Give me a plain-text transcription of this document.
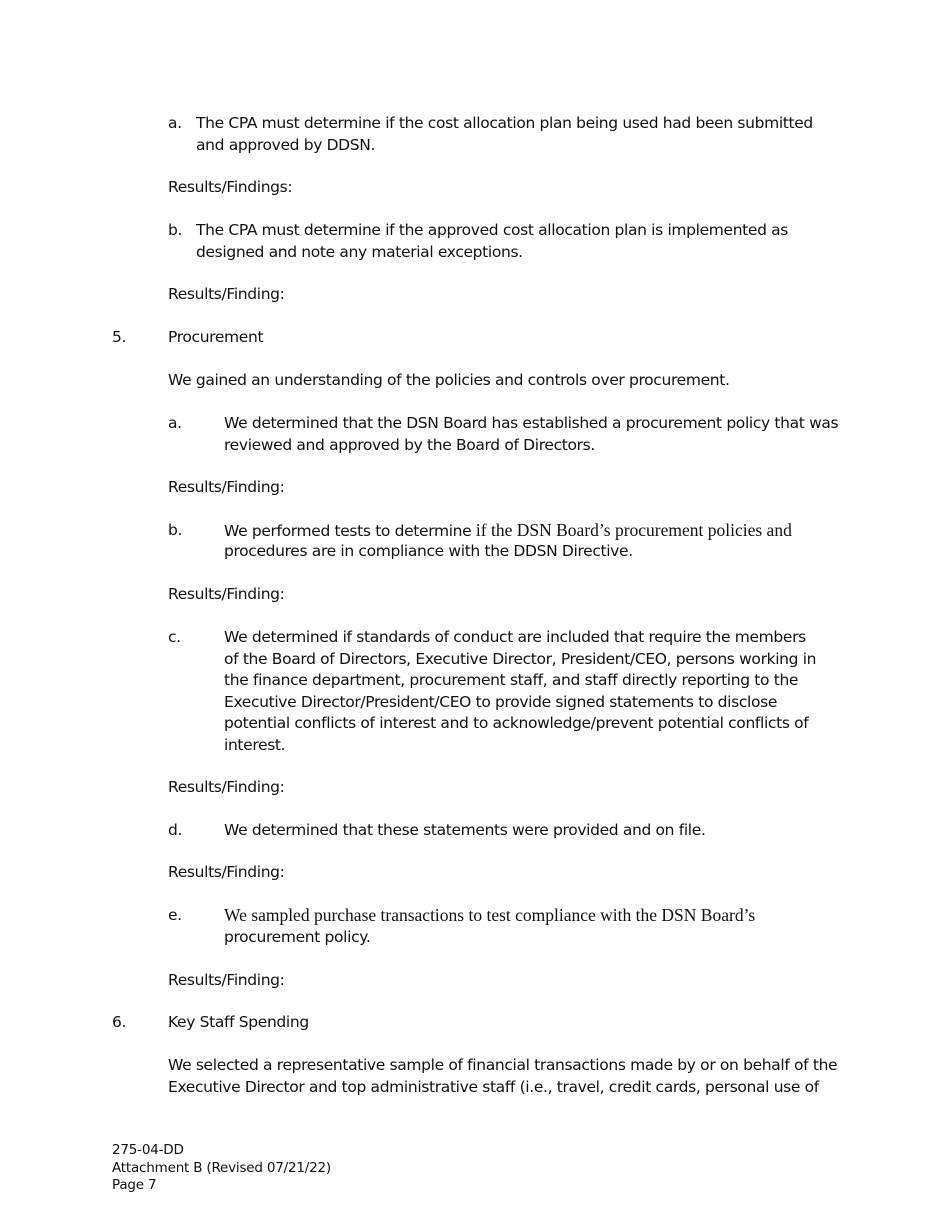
a. The CPA must determine if the cost allocation plan being used had been submitted and approved by DDSN.
Results/Findings:
b. The CPA must determine if the approved cost allocation plan is implemented as designed and note any material exceptions.
Results/Finding:
5.	Procurement
We gained an understanding of the policies and controls over procurement.
a.	We determined that the DSN Board has established a procurement policy that was reviewed and approved by the Board of Directors.
Results/Finding:
b.	We performed tests to determine if the DSN Board’s procurement policies and
procedures are in compliance with the DDSN Directive.
Results/Finding:
c.	We determined if standards of conduct are included that require the members of the Board of Directors, Executive Director, President/CEO, persons working in the finance department, procurement staff, and staff directly reporting to the Executive Director/President/CEO to provide signed statements to disclose potential conflicts of interest and to acknowledge/prevent potential conflicts of interest.
Results/Finding:
d.	We determined that these statements were provided and on file.
Results/Finding:
e. We sampled purchase transactions to test compliance with the DSN Board’s
procurement policy.
Results/Finding:
6.	Key Staff Spending
We selected a representative sample of financial transactions made by or on behalf of the Executive Director and top administrative staff (i.e., travel, credit cards, personal use of
275-04-DD
Attachment B (Revised 07/21/22)
Page 7
